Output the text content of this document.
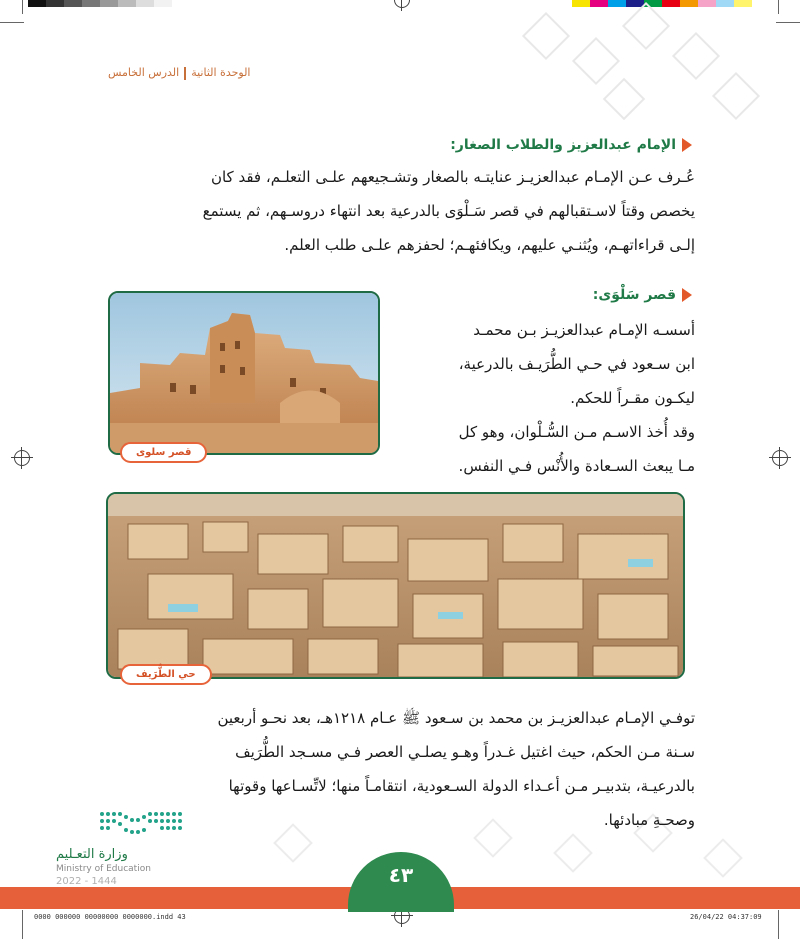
الوحدة الثانيةالدرس الخامس
الإمام عبدالعزيز والطلاب الصغار:
عُـرف عـن الإمـام عبدالعزيـز عنايتـه بالصغار وتشـجيعهم علـى التعلـم، فقد كان
يخصص وقتاً لاسـتقبالهم في قصر سَـلْوَى بالدرعية بعد انتهاء دروسـهم، ثم يستمع
إلـى قراءاتهـم، ويُثنـي عليهم، ويكافئهـم؛ لحفزهم علـى طلب العلم.
قصر سَلْوَى:
أسسـه الإمـام عبدالعزيـز بـن محمـد
ابن سـعود في حـي الطُّرَيـف بالدرعية،
ليكـون مقـراً للحكم.
وقد أُخذ الاسـم مـن السُّـلْوان، وهو كل
مـا يبعث السـعادة والأُنْس فـي النفس.
قصر سلوى
حي الطُّرَيف
توفـي الإمـام عبدالعزيـز بن محمد بن سـعود ﷺ عـام ١٢١٨هـ، بعد نحـو أربعين
سـنة مـن الحكم، حيث اغتيل غـدراً وهـو يصلـي العصر فـي مسـجد الطُّرَيف
بالدرعيـة، بتدبيـر مـن أعـداء الدولة السـعودية، انتقامـاً منها؛ لاتِّسـاعها وقوتها
وصحـةِ مبادئها.
وزارة التعـليم
Ministry of Education
2022 - 1444	٤٣
0000 000000 00000000 0000000.indd 43	26/04/22 04:37:09
